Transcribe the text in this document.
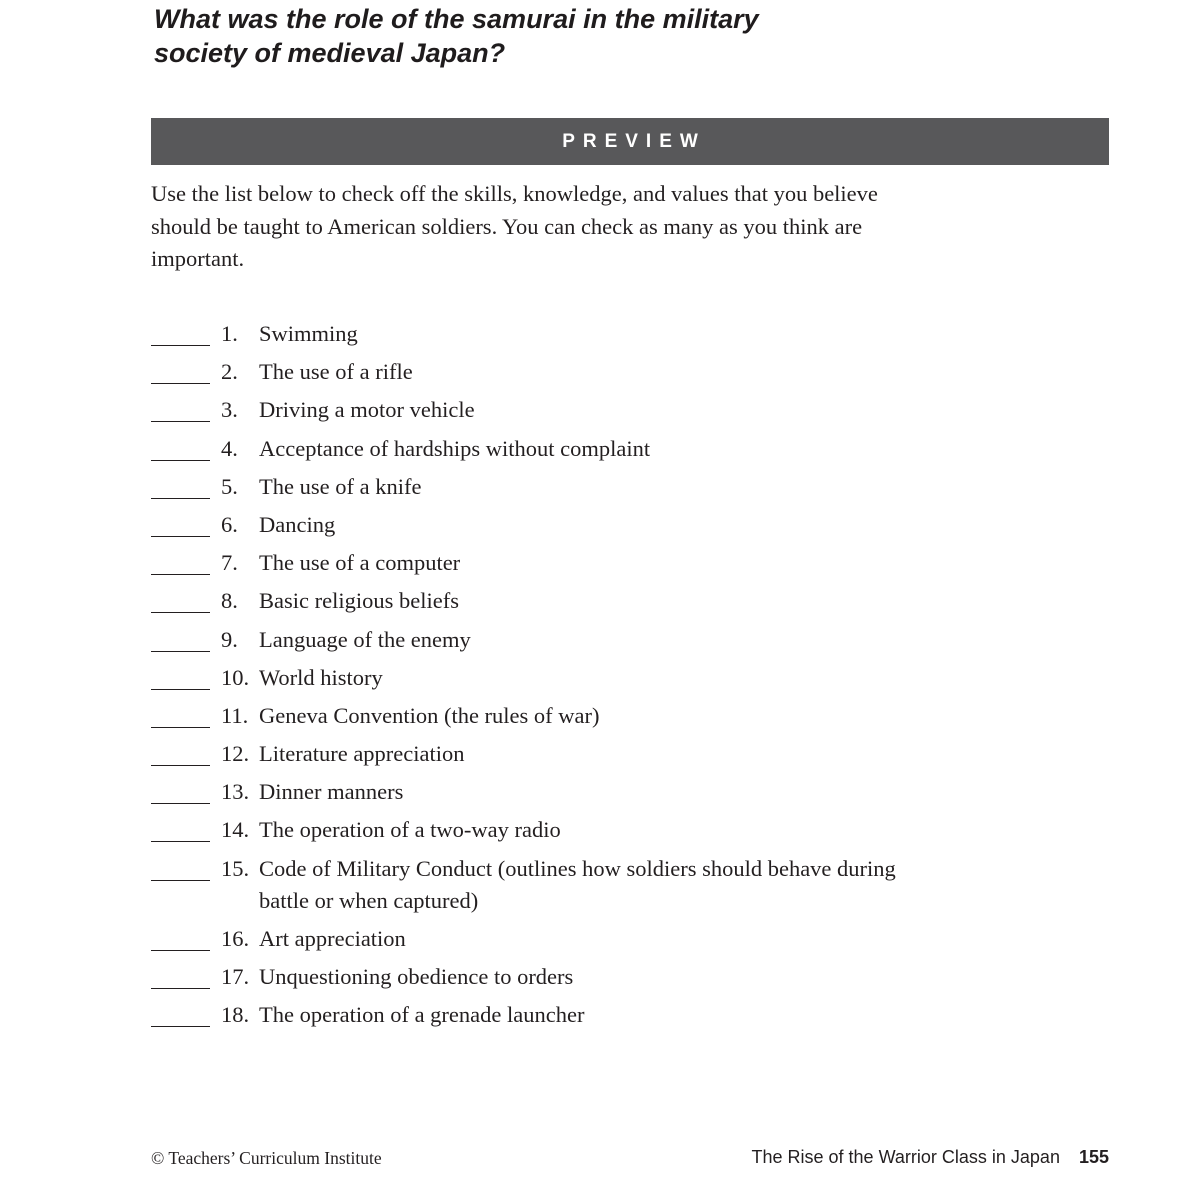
What was the role of the samurai in the military
society of medieval Japan?
PREVIEW

Use the list below to check off the skills, knowledge, and values that you believe should be taught to American soldiers. You can check as many as you think are important.

1. Swimming
2. The use of a rifle
3. Driving a motor vehicle
4. Acceptance of hardships without complaint
5. The use of a knife
6. Dancing
7. The use of a computer
8. Basic religious beliefs
9. Language of the enemy
10. World history
11. Geneva Convention (the rules of war)
12. Literature appreciation
13. Dinner manners
14. The operation of a two-way radio
15. Code of Military Conduct (outlines how soldiers should behave during battle or when captured)
16. Art appreciation
17. Unquestioning obedience to orders
18. The operation of a grenade launcher
© Teachers’ Curriculum Institute	The Rise of the Warrior Class in Japan 155
